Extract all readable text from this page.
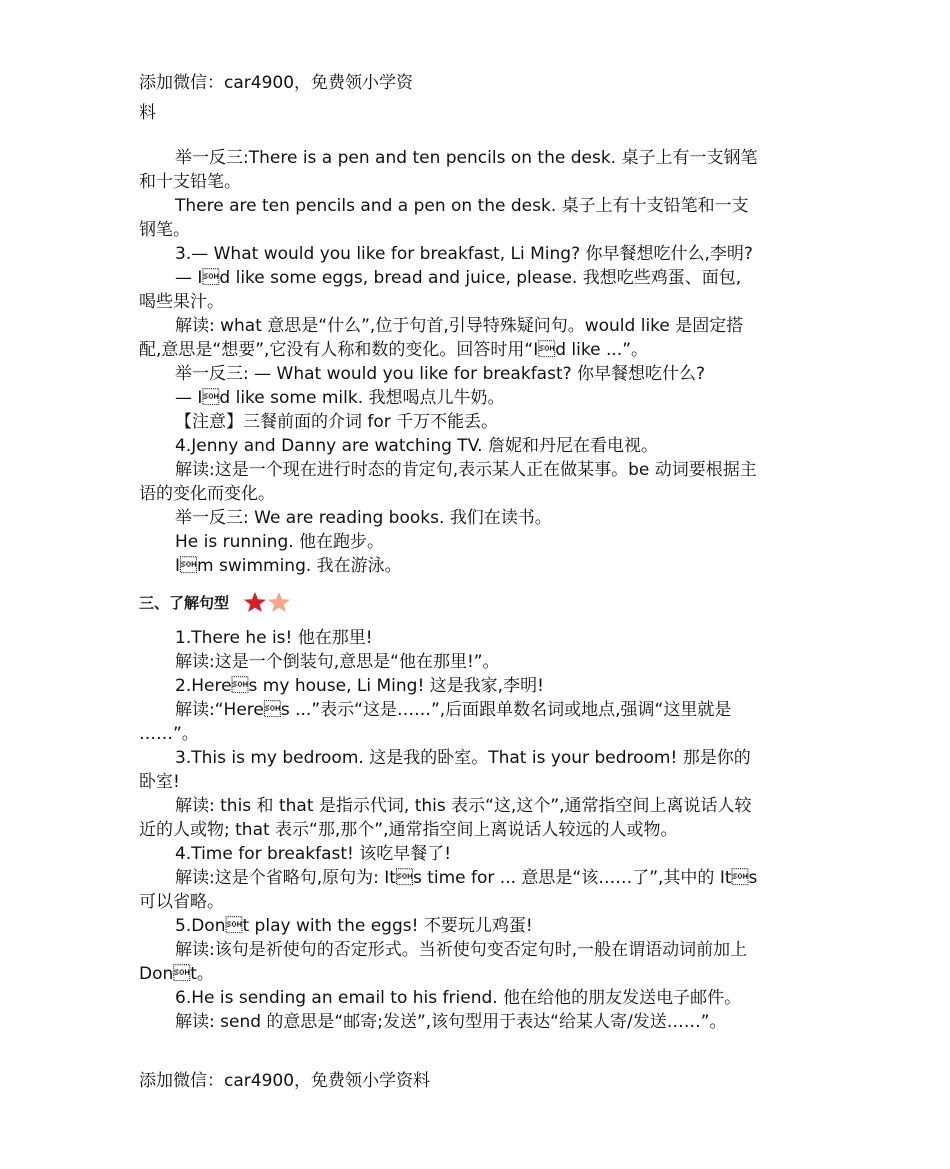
添加微信：car4900，免费领小学资
料

举一反三:There is a pen and ten pencils on the desk. 桌子上有一支钢笔

和十支铅笔。

There are ten pencils and a pen on the desk. 桌子上有十支铅笔和一支

钢笔。

3.— What would you like for breakfast, Li Ming? 你早餐想吃什么,李明?

— Id like some eggs, bread and juice, please. 我想吃些鸡蛋、面包,

喝些果汁。

解读: what 意思是“什么”,位于句首,引导特殊疑问句。would like 是固定搭

配,意思是“想要”,它没有人称和数的变化。回答时用“Id like ...”。

举一反三: — What would you like for breakfast? 你早餐想吃什么?

— Id like some milk. 我想喝点儿牛奶。

【注意】三餐前面的介词 for 千万不能丢。

4.Jenny and Danny are watching TV. 詹妮和丹尼在看电视。

解读:这是一个现在进行时态的肯定句,表示某人正在做某事。be 动词要根据主

语的变化而变化。

举一反三: We are reading books. 我们在读书。

He is running. 他在跑步。

Im swimming. 我在游泳。

三、了解句型

1.There he is! 他在那里!

解读:这是一个倒装句,意思是“他在那里!”。

2.Heres my house, Li Ming! 这是我家,李明!

解读:“Heres ...”表示“这是……”,后面跟单数名词或地点,强调“这里就是

……”。

3.This is my bedroom. 这是我的卧室。That is your bedroom! 那是你的

卧室!

解读: this 和 that 是指示代词, this 表示“这,这个”,通常指空间上离说话人较

近的人或物; that 表示“那,那个”,通常指空间上离说话人较远的人或物。

4.Time for breakfast! 该吃早餐了!

解读:这是个省略句,原句为: Its time for ... 意思是“该……了”,其中的 Its

可以省略。

5.Dont play with the eggs! 不要玩儿鸡蛋!

解读:该句是祈使句的否定形式。当祈使句变否定句时,一般在谓语动词前加上

Dont。

6.He is sending an email to his friend. 他在给他的朋友发送电子邮件。

解读: send 的意思是“邮寄;发送”,该句型用于表达“给某人寄/发送……”。

添加微信：car4900，免费领小学资料
